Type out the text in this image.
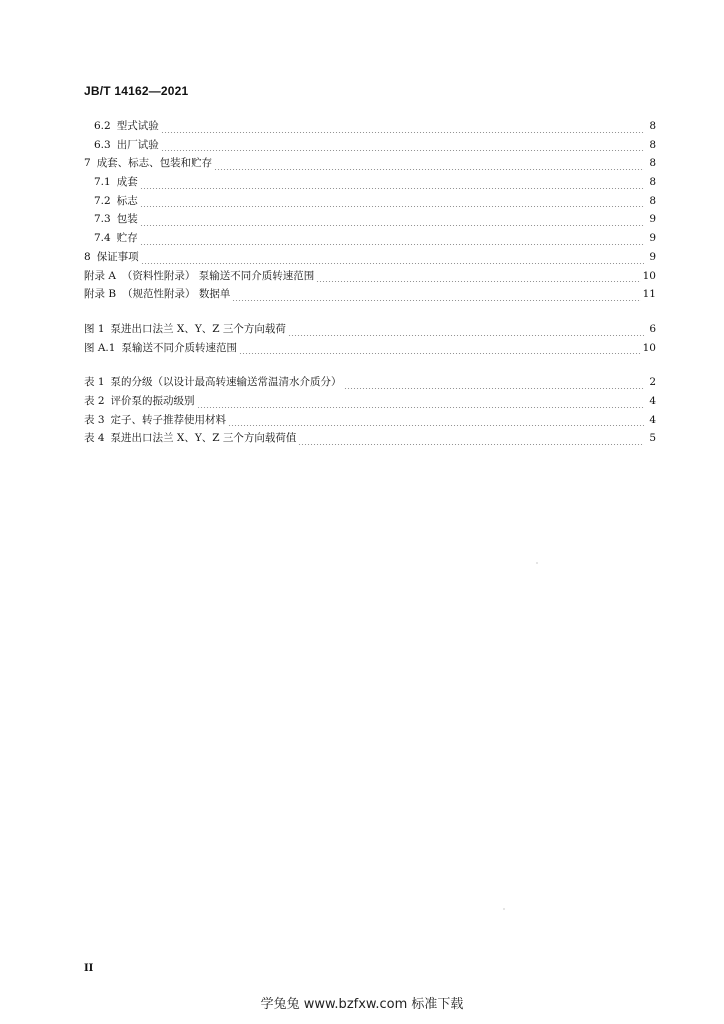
JB/T 14162—2021
6.2 型式试验	8
6.3 出厂试验	8
7 成套、标志、包装和贮存	8
7.1 成套	8
7.2 标志	8
7.3 包装	9
7.4 贮存	9
8 保证事项	9
附录 A （资料性附录） 泵输送不同介质转速范围	10
附录 B （规范性附录） 数据单	11
图 1 泵进出口法兰 X、Y、Z 三个方向载荷	6
图 A.1 泵输送不同介质转速范围	10
表 1 泵的分级（以设计最高转速输送常温清水介质分）	2
表 2 评价泵的振动级别	4
表 3 定子、转子推荐使用材料	4
表 4 泵进出口法兰 X、Y、Z 三个方向载荷值	5
II
学兔兔 www.bzfxw.com 标准下载
